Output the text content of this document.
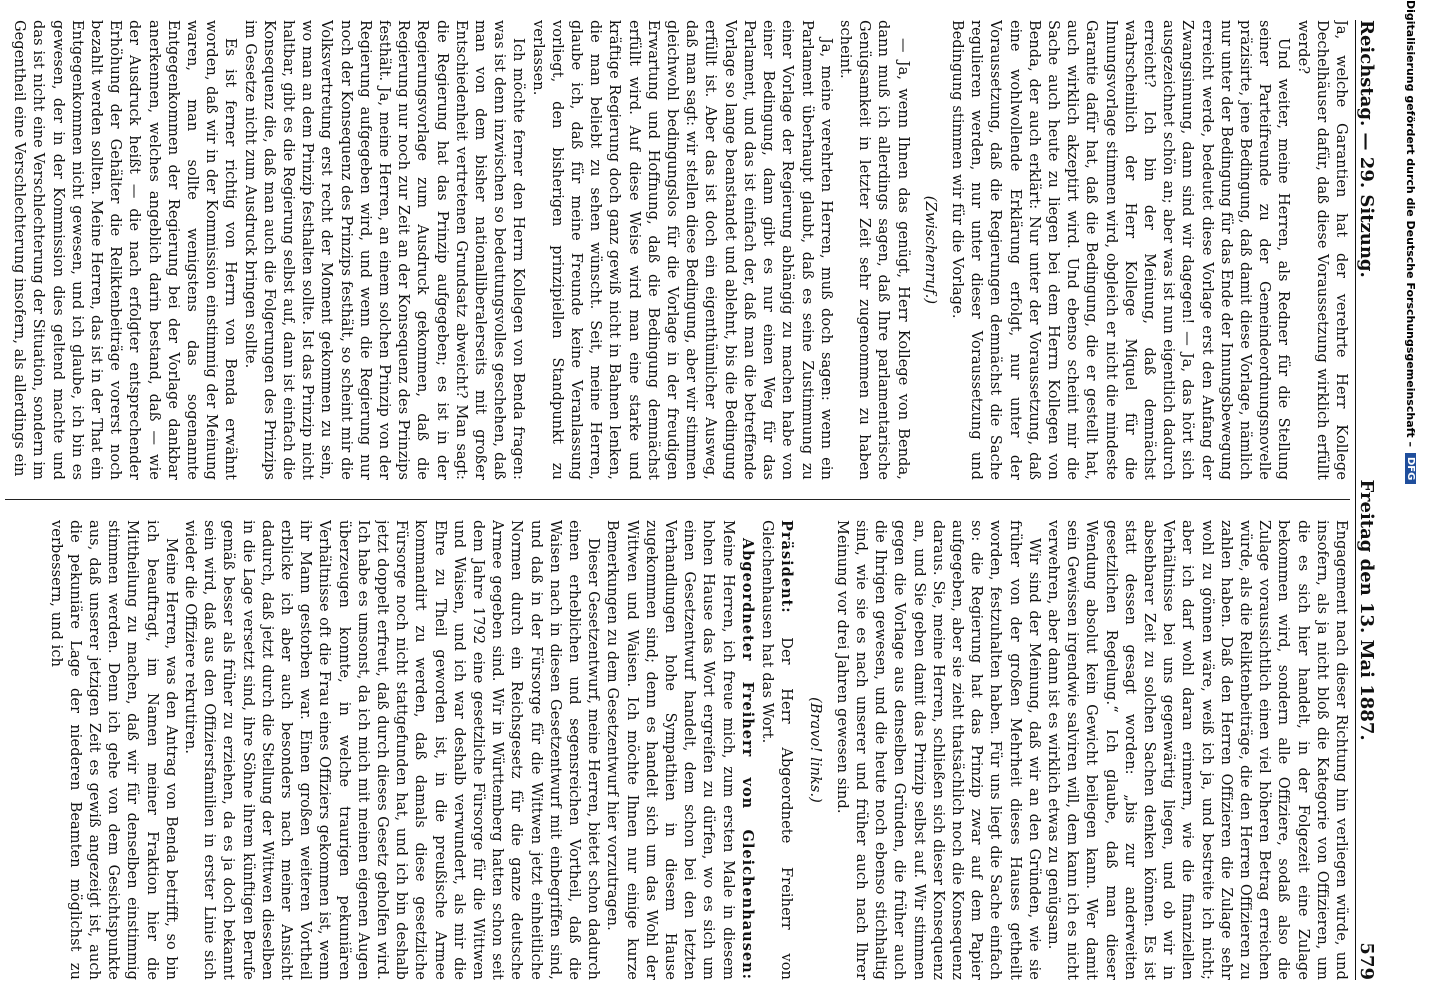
Reichstag. — 29. Sitzung.
Freitag den 13. Mai 1887.
579

Ja, welche Garantien hat der verehrte Herr Kollege Dechelhäuser dafür, daß diese Voraussetzung wirklich erfüllt werde?

Und weiter, meine Herren, als Redner für die Stellung seiner Parteifreunde zu der Gemeindeordnungsnovelle präzisirte, jene Bedingung, daß damit diese Vorlage, nämlich nur unter der Bedingung für das Ende der Innungsbewegung erreicht werde, bedeutet diese Vorlage erst den Anfang der Zwangsinnung, dann sind wir dagegen! — Ja, das hört sich ausgezeichnet schön an; aber was ist nun eigentlich dadurch erreicht? Ich bin der Meinung, daß demnächst wahrscheinlich der Herr Kollege Miquel für die Innungsvorlage stimmen wird, obgleich er nicht die mindeste Garantie dafür hat, daß die Bedingung, die er gestellt hat, auch wirklich akzeptirt wird. Und ebenso scheint mir die Sache auch heute zu liegen bei dem Herrn Kollegen von Benda, der auch erklärt: Nur unter der Voraussetzung, daß eine wohlwollende Erklärung erfolgt, nur unter der Voraussetzung, daß die Regierungen demnächst die Sache regulieren werden, nur unter dieser Voraussetzung und Bedingung stimmen wir für die Vorlage.

(Zwischenruf.)

— Ja, wenn Ihnen das genügt, Herr Kollege von Benda, dann muß ich allerdings sagen, daß Ihre parlamentarische Genügsamkeit in letzter Zeit sehr zugenommen zu haben scheint.

Ja, meine verehrten Herren, muß doch sagen: wenn ein Parlament überhaupt glaubt, daß es seine Zustimmung zu einer Vorlage der Regierung abhängig zu machen habe von einer Bedingung, dann gibt es nur einen Weg für das Parlament, und das ist einfach der, daß man die betreffende Vorlage so lange beanstandet und ablehnt, bis die Bedingung erfüllt ist. Aber das ist doch ein eigenthümlicher Ausweg, daß man sagt: wir stellen diese Bedingung, aber wir stimmen gleichwohl bedingungslos für die Vorlage in der freudigen Erwartung und Hoffnung, daß die Bedingung demnächst erfüllt wird. Auf diese Weise wird man eine starke und kräftige Regierung doch ganz gewiß nicht in Bahnen lenken, die man beliebt zu sehen wünscht. Seit, meine Herren, glaube ich, daß für meine Freunde keine Veranlassung vorliegt, den bisherigen prinzipiellen Standpunkt zu verlassen.

Ich möchte ferner den Herrn Kollegen von Benda fragen: was ist denn inzwischen so bedeutungsvolles geschehen, daß man von dem bisher nationalliberalerseits mit großer Entschiedenheit vertretenen Grundsatz abweicht? Man sagt: die Regierung hat das Prinzip aufgegeben; es ist in der Regierungsvorlage zum Ausdruck gekommen, daß die Regierung nur noch zur Zeit an der Konsequenz des Prinzips festhält. Ja, meine Herren, an einem solchen Prinzip von der Regierung aufgegeben wird, und wenn die Regierung nur noch der Konsequenz des Prinzips festhält, so scheint mir die Volksvertretung erst recht der Moment gekommen zu sein, wo man an dem Prinzip festhalten sollte. Ist das Prinzip nicht haltbar, gibt es die Regierung selbst auf, dann ist einfach die Konsequenz die, daß man auch die Folgerungen des Prinzips im Gesetze nicht zum Ausdruck bringen sollte.

Es ist ferner richtig von Herrn von Benda erwähnt worden, daß wir in der Kommission einstimmig der Meinung waren, man sollte wenigstens das sogenannte Entgegenkommen der Regierung bei der Vorlage dankbar anerkennen, welches angeblich darin bestand, daß — wie der Ausdruck heißt — die nach erfolgter entsprechender Erhöhung der Gehälter die Reliktenbeiträge vorerst noch bezahlt werden sollten. Meine Herren, das ist in der That ein Entgegenkommen nicht gewesen, und ich glaube, ich bin es gewesen, der in der Kommission dies geltend machte und das ist nicht eine Verschlechterung der Situation, sondern im Gegentheil eine Verschlechterung insofern, als allerdings ein

Engagement nach dieser Richtung hin verliegen würde, und insofern, als ja nicht bloß die Kategorie von Offizieren, um die es sich hier handelt, in der Folgezeit eine Zulage bekommen wird, sondern alle Offiziere, sodaß also die Zulage voraussichtlich einen viel höheren Betrag erreichen würde, als die Reliktenbeiträge, die den Herren Offizieren zu zahlen haben. Daß den Herren Offizieren die Zulage sehr wohl zu gönnen wäre, weiß ich ja, und bestreite ich nicht; aber ich darf wohl daran erinnern, wie die finanziellen Verhältnisse bei uns gegenwärtig liegen, und ob wir in absehbarer Zeit zu solchen Sachen denken können. Es ist statt dessen gesagt worden: „bis zur anderweiten gesetzlichen Regelung.“ Ich glaube, daß man dieser Wendung absolut kein Gewicht beilegen kann. Wer damit sein Gewissen irgendwie salviren will, dem kann ich es nicht verwehren, aber dann ist es wirklich etwas zu genügsam.

Wir sind der Meinung, daß wir an den Gründen, wie sie früher von der großen Mehrheit dieses Hauses getheilt worden, festzuhalten haben. Für uns liegt die Sache einfach so: die Regierung hat das Prinzip zwar auf dem Papier aufgegeben, aber sie zieht thatsächlich noch die Konsequenz daraus. Sie, meine Herren, schließen sich dieser Konsequenz an, und Sie geben damit das Prinzip selbst auf. Wir stimmen gegen die Vorlage aus denselben Gründen, die früher auch die Ihrigen gewesen, und die heute noch ebenso stichhaltig sind, wie sie es nach unserer und früher auch nach Ihrer Meinung vor drei Jahren gewesen sind.

(Bravo! links.)

Präsident: Der Herr Abgeordnete Freiherr von Gleichenhausen hat das Wort.

Abgeordneter Freiherr von Gleichenhausen: Meine Herren, ich freue mich, zum ersten Male in diesem hohen Hause das Wort ergreifen zu dürfen, wo es sich um einen Gesetzentwurf handelt, dem schon bei den letzten Verhandlungen hohe Sympathien in diesem Hause zugekommen sind; denn es handelt sich um das Wohl der Wittwen und Waisen. Ich möchte Ihnen nur einige kurze Bemerkungen zu dem Gesetzentwurf hier vorzutragen.

Dieser Gesetzentwurf, meine Herren, bietet schon dadurch einen erheblichen und segensreichen Vortheil, daß die Waisen nach in diesen Gesetzentwurf mit einbegriffen sind, und daß in der Fürsorge für die Wittwen jetzt einheitliche Normen durch ein Reichsgesetz für die ganze deutsche Armee gegeben sind. Wir in Württemberg hatten schon seit dem Jahre 1792 eine gesetzliche Fürsorge für die Wittwen und Waisen, und ich war deshalb verwundert, als mir die Ehre zu Theil geworden ist, in die preußische Armee kommandirt zu werden, daß damals diese gesetzliche Fürsorge noch nicht stattgefunden hat, und ich bin deshalb jetzt doppelt erfreut, daß durch dieses Gesetz geholfen wird. Ich habe es umsonst, da ich mich mit meinen eigenen Augen überzeugen konnte, in welche traurigen pekuniären Verhältnisse oft die Frau eines Offiziers gekommen ist, wenn ihr Mann gestorben war. Einen großen weiteren Vortheil erblicke ich aber auch besonders nach meiner Ansicht dadurch, daß jetzt durch die Stellung der Wittwen dieselben in die Lage versetzt sind, ihre Söhne ihrem künftigen Berufe gemäß besser als früher zu erziehen, da es ja doch bekannt sein wird, daß aus den Offiziersfamilien in erster Linie sich wieder die Offiziere rekrutiren.

Meine Herren, was den Antrag von Benda betrifft, so bin ich beauftragt, im Namen meiner Fraktion hier die Mittheilung zu machen, daß wir für denselben einstimmig stimmen werden. Denn ich gehe von dem Gesichtspunkte aus, daß unserer jetzigen Zeit es gewiß angezeigt ist, auch die pekuniäre Lage der niederen Beamten möglichst zu verbessern, und ich

Digitalisierung gefördert durch die Deutsche Forschungsgemeinschaft –
DFG
